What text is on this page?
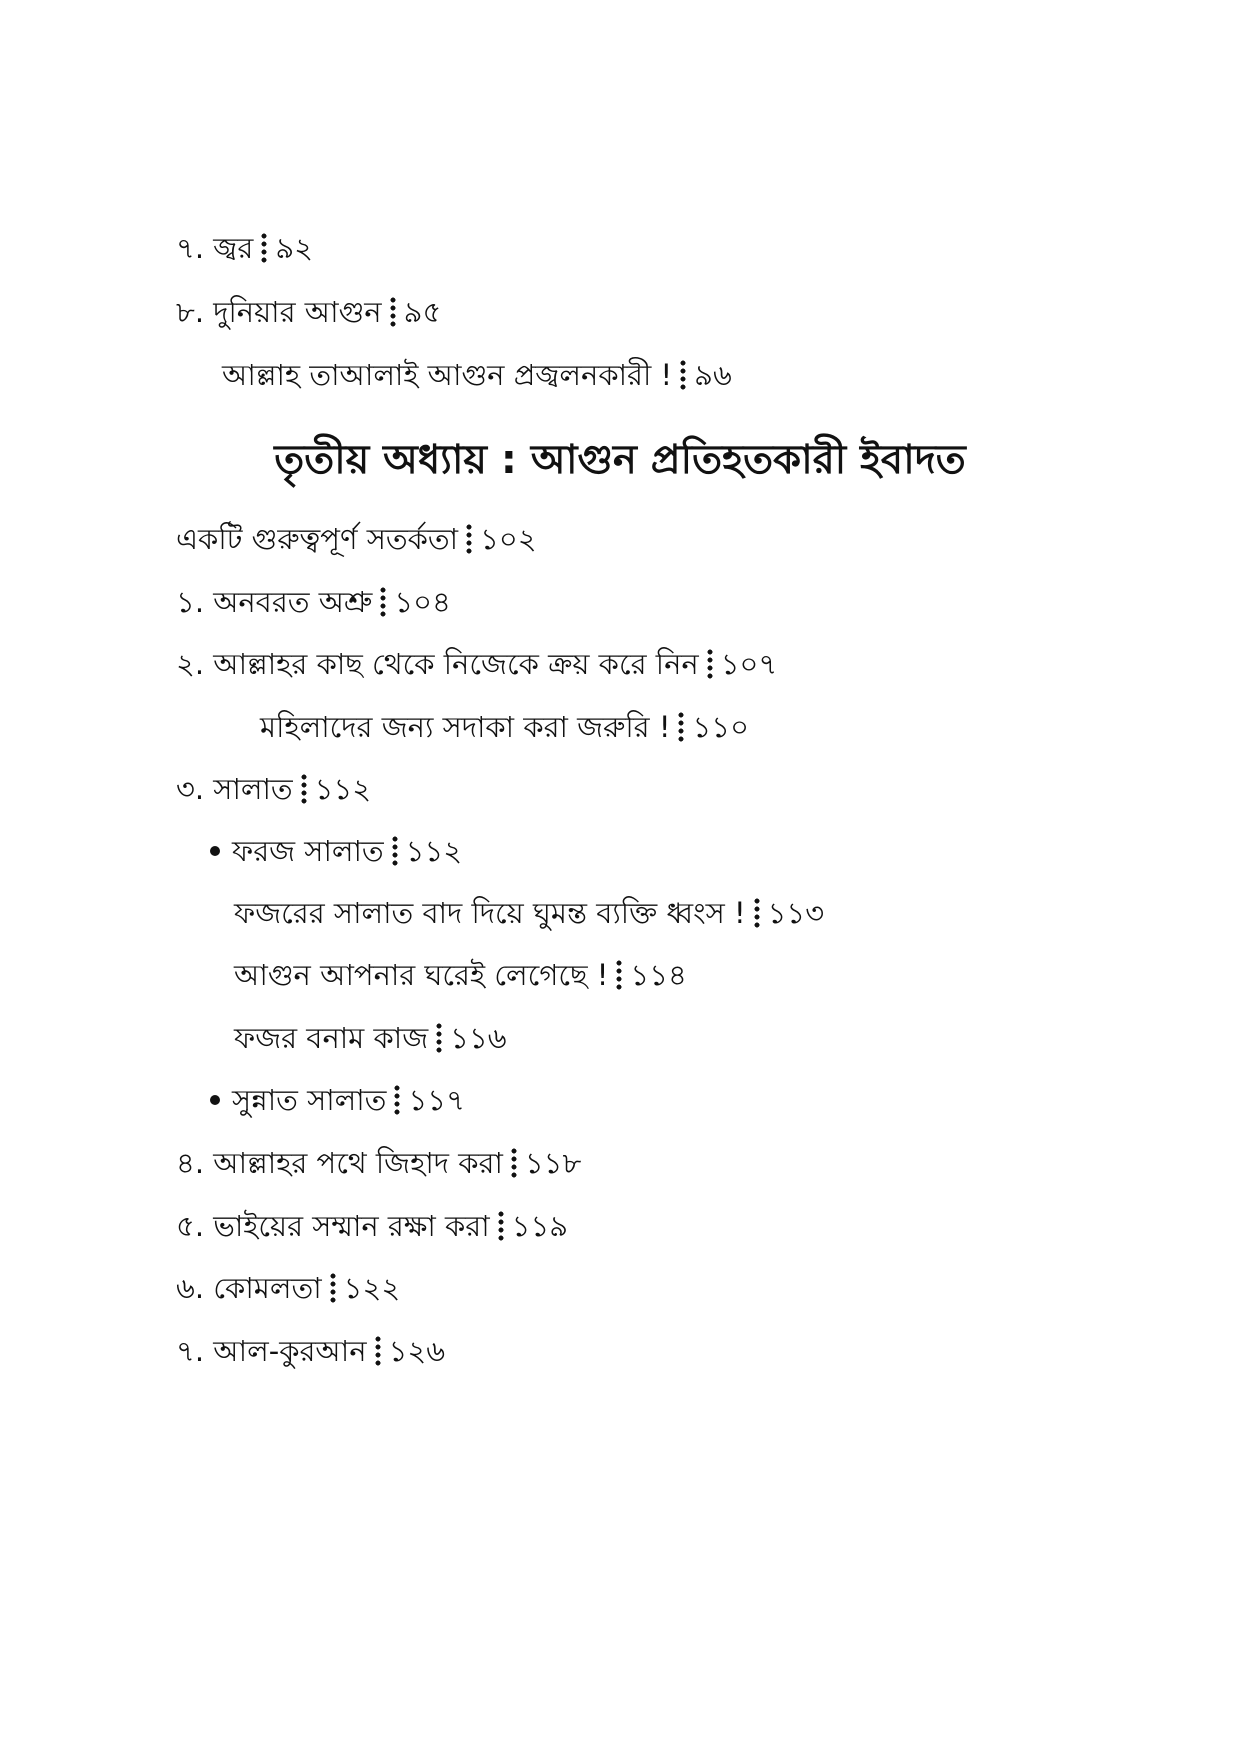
৭. জ্বর ৯২
৮. দুনিয়ার আগুন ৯৫
আল্লাহ তাআলাই আগুন প্রজ্বলনকারী ! ৯৬
তৃতীয় অধ্যায় : আগুন প্রতিহতকারী ইবাদত
একটি গুরুত্বপূর্ণ সতর্কতা ১০২
১. অনবরত অশ্রু ১০৪
২. আল্লাহর কাছ থেকে নিজেকে ক্রয় করে নিন ১০৭
মহিলাদের জন্য সদাকা করা জরুরি ! ১১০
৩. সালাত ১১২
ফরজ সালাত ১১২
ফজরের সালাত বাদ দিয়ে ঘুমন্ত ব্যক্তি ধ্বংস ! ১১৩
আগুন আপনার ঘরেই লেগেছে ! ১১৪
ফজর বনাম কাজ ১১৬
সুন্নাত সালাত ১১৭
৪. আল্লাহর পথে জিহাদ করা ১১৮
৫. ভাইয়ের সম্মান রক্ষা করা ১১৯
৬. কোমলতা ১২২
৭. আল-কুরআন ১২৬
